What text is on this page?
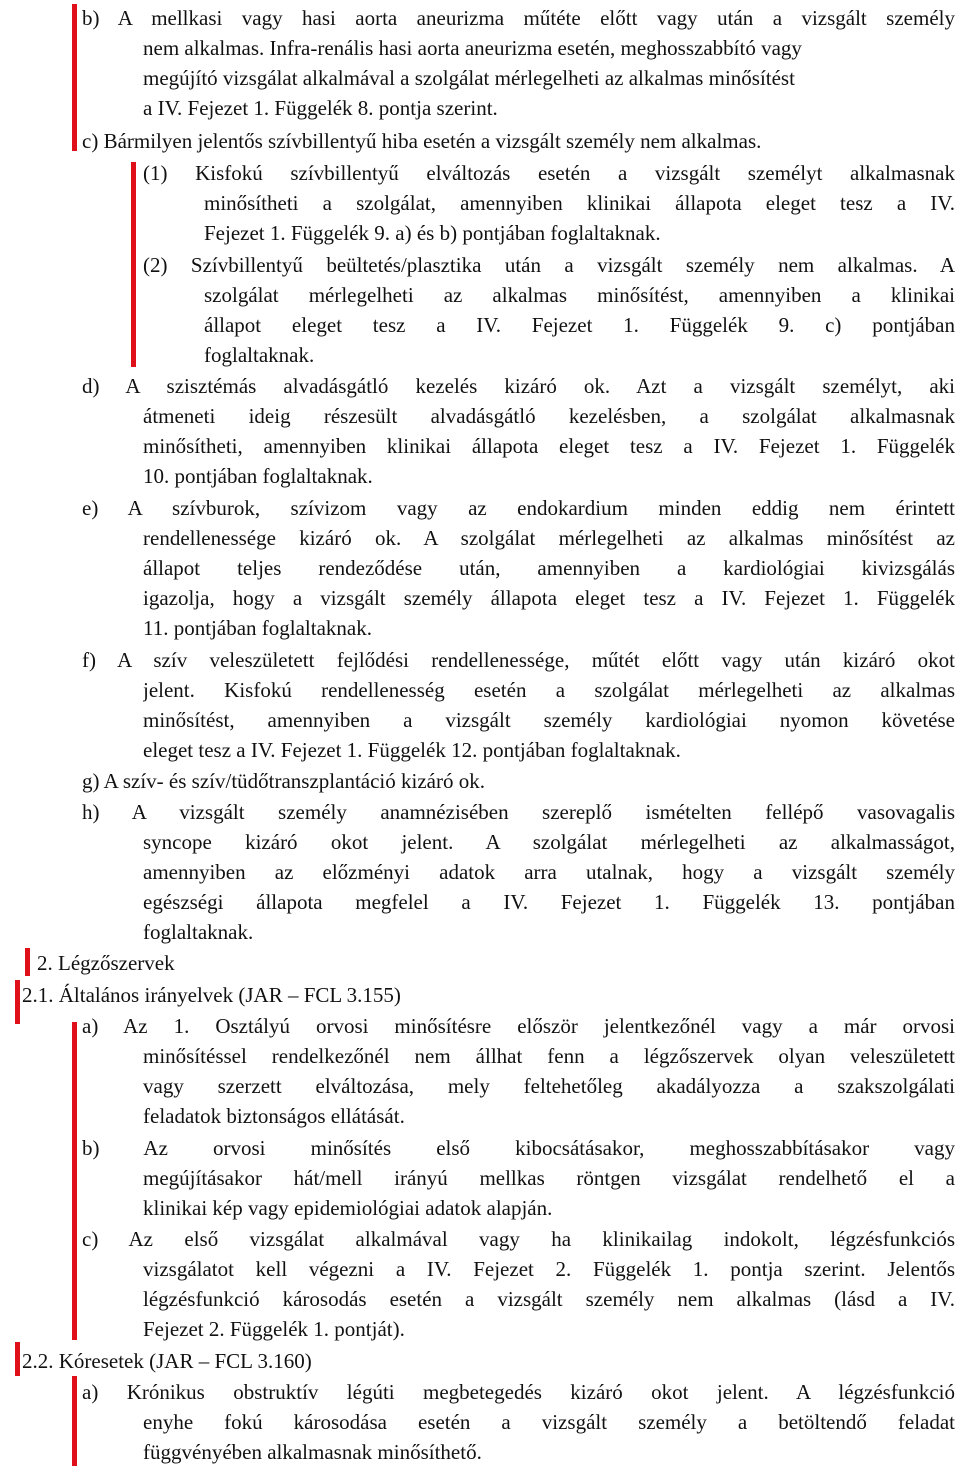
b) A mellkasi vagy hasi aorta aneurizma műtéte előtt vagy után a vizsgált személy
nem alkalmas. Infra-renális hasi aorta aneurizma esetén, meghosszabbító vagy
megújító vizsgálat alkalmával a szolgálat mérlegelheti az alkalmas minősítést
a IV. Fejezet 1. Függelék 8. pontja szerint.
c) Bármilyen jelentős szívbillentyű hiba esetén a vizsgált személy nem alkalmas.
(1) Kisfokú szívbillentyű elváltozás esetén a vizsgált személyt alkalmasnak
minősítheti a szolgálat, amennyiben klinikai állapota eleget tesz a IV.
Fejezet 1. Függelék 9. a) és b) pontjában foglaltaknak.
(2) Szívbillentyű beültetés/plasztika után a vizsgált személy nem alkalmas. A
szolgálat mérlegelheti az alkalmas minősítést, amennyiben a klinikai
állapot eleget tesz a IV. Fejezet 1. Függelék 9. c) pontjában
foglaltaknak.
d) A szisztémás alvadásgátló kezelés kizáró ok. Azt a vizsgált személyt, aki
átmeneti ideig részesült alvadásgátló kezelésben, a szolgálat alkalmasnak
minősítheti, amennyiben klinikai állapota eleget tesz a IV. Fejezet 1. Függelék
10. pontjában foglaltaknak.
e) A szívburok, szívizom vagy az endokardium minden eddig nem érintett
rendellenessége kizáró ok. A szolgálat mérlegelheti az alkalmas minősítést az
állapot teljes rendeződése után, amennyiben a kardiológiai kivizsgálás
igazolja, hogy a vizsgált személy állapota eleget tesz a IV. Fejezet 1. Függelék
11. pontjában foglaltaknak.
f) A szív veleszületett fejlődési rendellenessége, műtét előtt vagy után kizáró okot
jelent. Kisfokú rendellenesség esetén a szolgálat mérlegelheti az alkalmas
minősítést, amennyiben a vizsgált személy kardiológiai nyomon követése
eleget tesz a IV. Fejezet 1. Függelék 12. pontjában foglaltaknak.
g) A szív- és szív/tüdőtranszplantáció kizáró ok.
h) A vizsgált személy anamnézisében szereplő ismételten fellépő vasovagalis
syncope kizáró okot jelent. A szolgálat mérlegelheti az alkalmasságot,
amennyiben az előzményi adatok arra utalnak, hogy a vizsgált személy
egészségi állapota megfelel a IV. Fejezet 1. Függelék 13. pontjában
foglaltaknak.
2. Légzőszervek
2.1. Általános irányelvek (JAR – FCL 3.155)
a) Az 1. Osztályú orvosi minősítésre először jelentkezőnél vagy a már orvosi
minősítéssel rendelkezőnél nem állhat fenn a légzőszervek olyan veleszületett
vagy szerzett elváltozása, mely feltehetőleg akadályozza a szakszolgálati
feladatok biztonságos ellátását.
b) Az orvosi minősítés első kibocsátásakor, meghosszabbításakor vagy
megújításakor hát/mell irányú mellkas röntgen vizsgálat rendelhető el a
klinikai kép vagy epidemiológiai adatok alapján.
c) Az első vizsgálat alkalmával vagy ha klinikailag indokolt, légzésfunkciós
vizsgálatot kell végezni a IV. Fejezet 2. Függelék 1. pontja szerint. Jelentős
légzésfunkció károsodás esetén a vizsgált személy nem alkalmas (lásd a IV.
Fejezet 2. Függelék 1. pontját).
2.2. Kóresetek (JAR – FCL 3.160)
a) Krónikus obstruktív légúti megbetegedés kizáró okot jelent. A légzésfunkció
enyhe fokú károsodása esetén a vizsgált személy a betöltendő feladat
függvényében alkalmasnak minősíthető.
